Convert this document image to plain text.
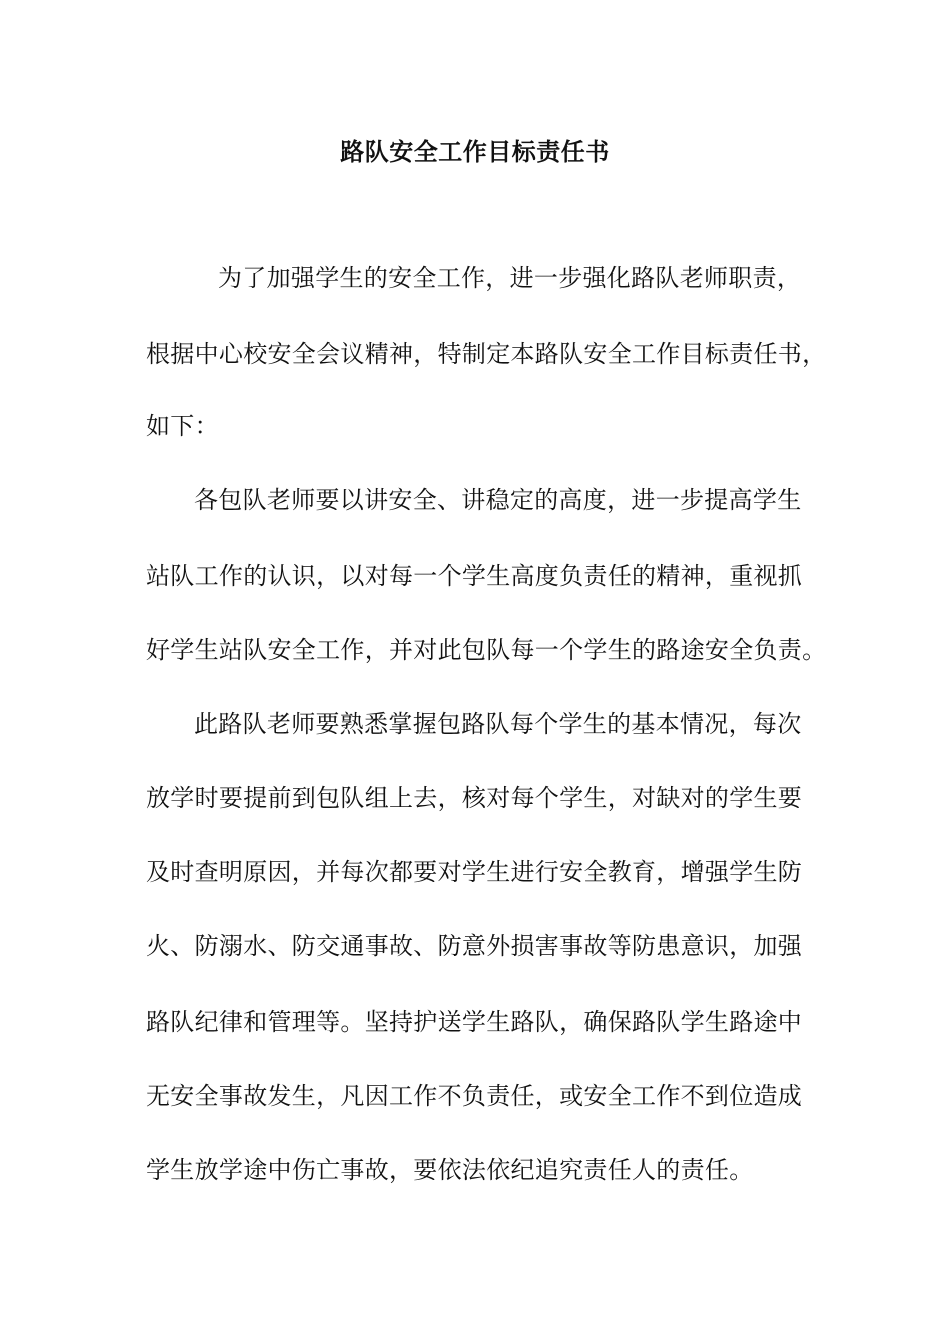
路队安全工作目标责任书
为了加强学生的安全工作，进一步强化路队老师职责，
根据中心校安全会议精神，特制定本路队安全工作目标责任书，
如下：
各包队老师要以讲安全、讲稳定的高度，进一步提高学生
站队工作的认识，以对每一个学生高度负责任的精神，重视抓
好学生站队安全工作，并对此包队每一个学生的路途安全负责。
此路队老师要熟悉掌握包路队每个学生的基本情况，每次
放学时要提前到包队组上去，核对每个学生，对缺对的学生要
及时查明原因，并每次都要对学生进行安全教育，增强学生防
火、防溺水、防交通事故、防意外损害事故等防患意识，加强
路队纪律和管理等。坚持护送学生路队，确保路队学生路途中
无安全事故发生，凡因工作不负责任，或安全工作不到位造成
学生放学途中伤亡事故，要依法依纪追究责任人的责任。
